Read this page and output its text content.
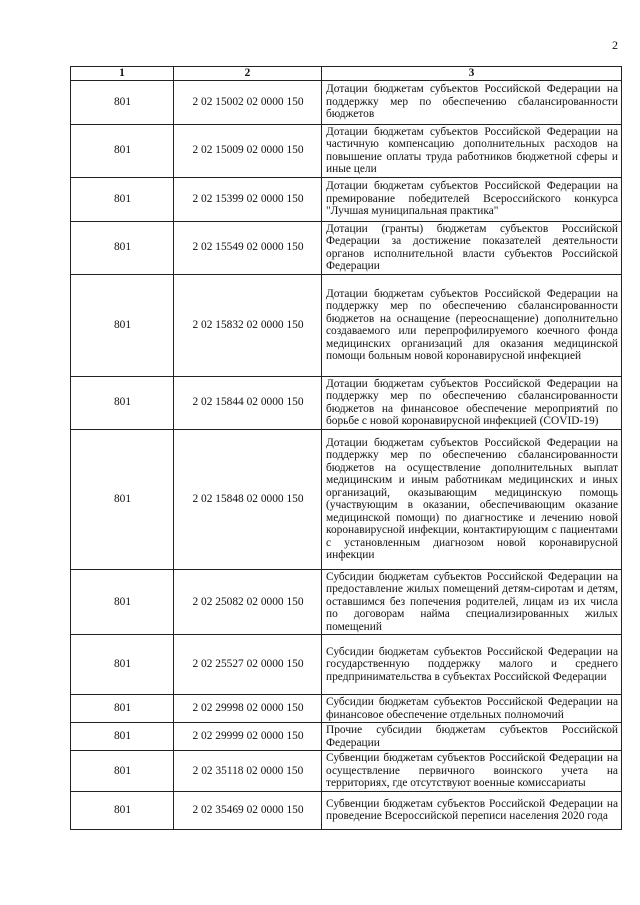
2
1	2	3
801	2 02 15002 02 0000 150	Дотации бюджетам субъектов Российской Федерации на поддержку мер по обеспечению сбалансированности бюджетов
801	2 02 15009 02 0000 150	Дотации бюджетам субъектов Российской Федерации на частичную компенсацию дополнительных расходов на повышение оплаты труда работников бюджетной сферы и иные цели
801	2 02 15399 02 0000 150	Дотации бюджетам субъектов Российской Федерации на премирование победителей Всероссийского конкурса "Лучшая муниципальная практика"
801	2 02 15549 02 0000 150	Дотации (гранты) бюджетам субъектов Российской Федерации за достижение показателей деятельности органов исполнительной власти субъектов Российской Федерации
801	2 02 15832 02 0000 150	Дотации бюджетам субъектов Российской Федерации на поддержку мер по обеспечению сбалансированности бюджетов на оснащение (переоснащение) дополнительно создаваемого или перепрофилируемого коечного фонда медицинских организаций для оказания медицинской помощи больным новой коронавирусной инфекцией
801	2 02 15844 02 0000 150	Дотации бюджетам субъектов Российской Федерации на поддержку мер по обеспечению сбалансированности бюджетов на финансовое обеспечение мероприятий по борьбе с новой коронавирусной инфекцией (COVID-19)
801	2 02 15848 02 0000 150	Дотации бюджетам субъектов Российской Федерации на поддержку мер по обеспечению сбалансированности бюджетов на осуществление дополнительных выплат медицинским и иным работникам медицинских и иных организаций, оказывающим медицинскую помощь (участвующим в оказании, обеспечивающим оказание медицинской помощи) по диагностике и лечению новой коронавирусной инфекции, контактирующим с пациентами с установленным диагнозом новой коронавирусной инфекции
801	2 02 25082 02 0000 150	Субсидии бюджетам субъектов Российской Федерации на предоставление жилых помещений детям-сиротам и детям, оставшимся без попечения родителей, лицам из их числа по договорам найма специализированных жилых помещений
801	2 02 25527 02 0000 150	Субсидии бюджетам субъектов Российской Федерации на государственную поддержку малого и среднего предпринимательства в субъектах Российской Федерации
801	2 02 29998 02 0000 150	Субсидии бюджетам субъектов Российской Федерации на финансовое обеспечение отдельных полномочий
801	2 02 29999 02 0000 150	Прочие субсидии бюджетам субъектов Российской Федерации
801	2 02 35118 02 0000 150	Субвенции бюджетам субъектов Российской Федерации на осуществление первичного воинского учета на территориях, где отсутствуют военные комиссариаты
801	2 02 35469 02 0000 150	Субвенции бюджетам субъектов Российской Федерации на проведение Всероссийской переписи населения 2020 года
